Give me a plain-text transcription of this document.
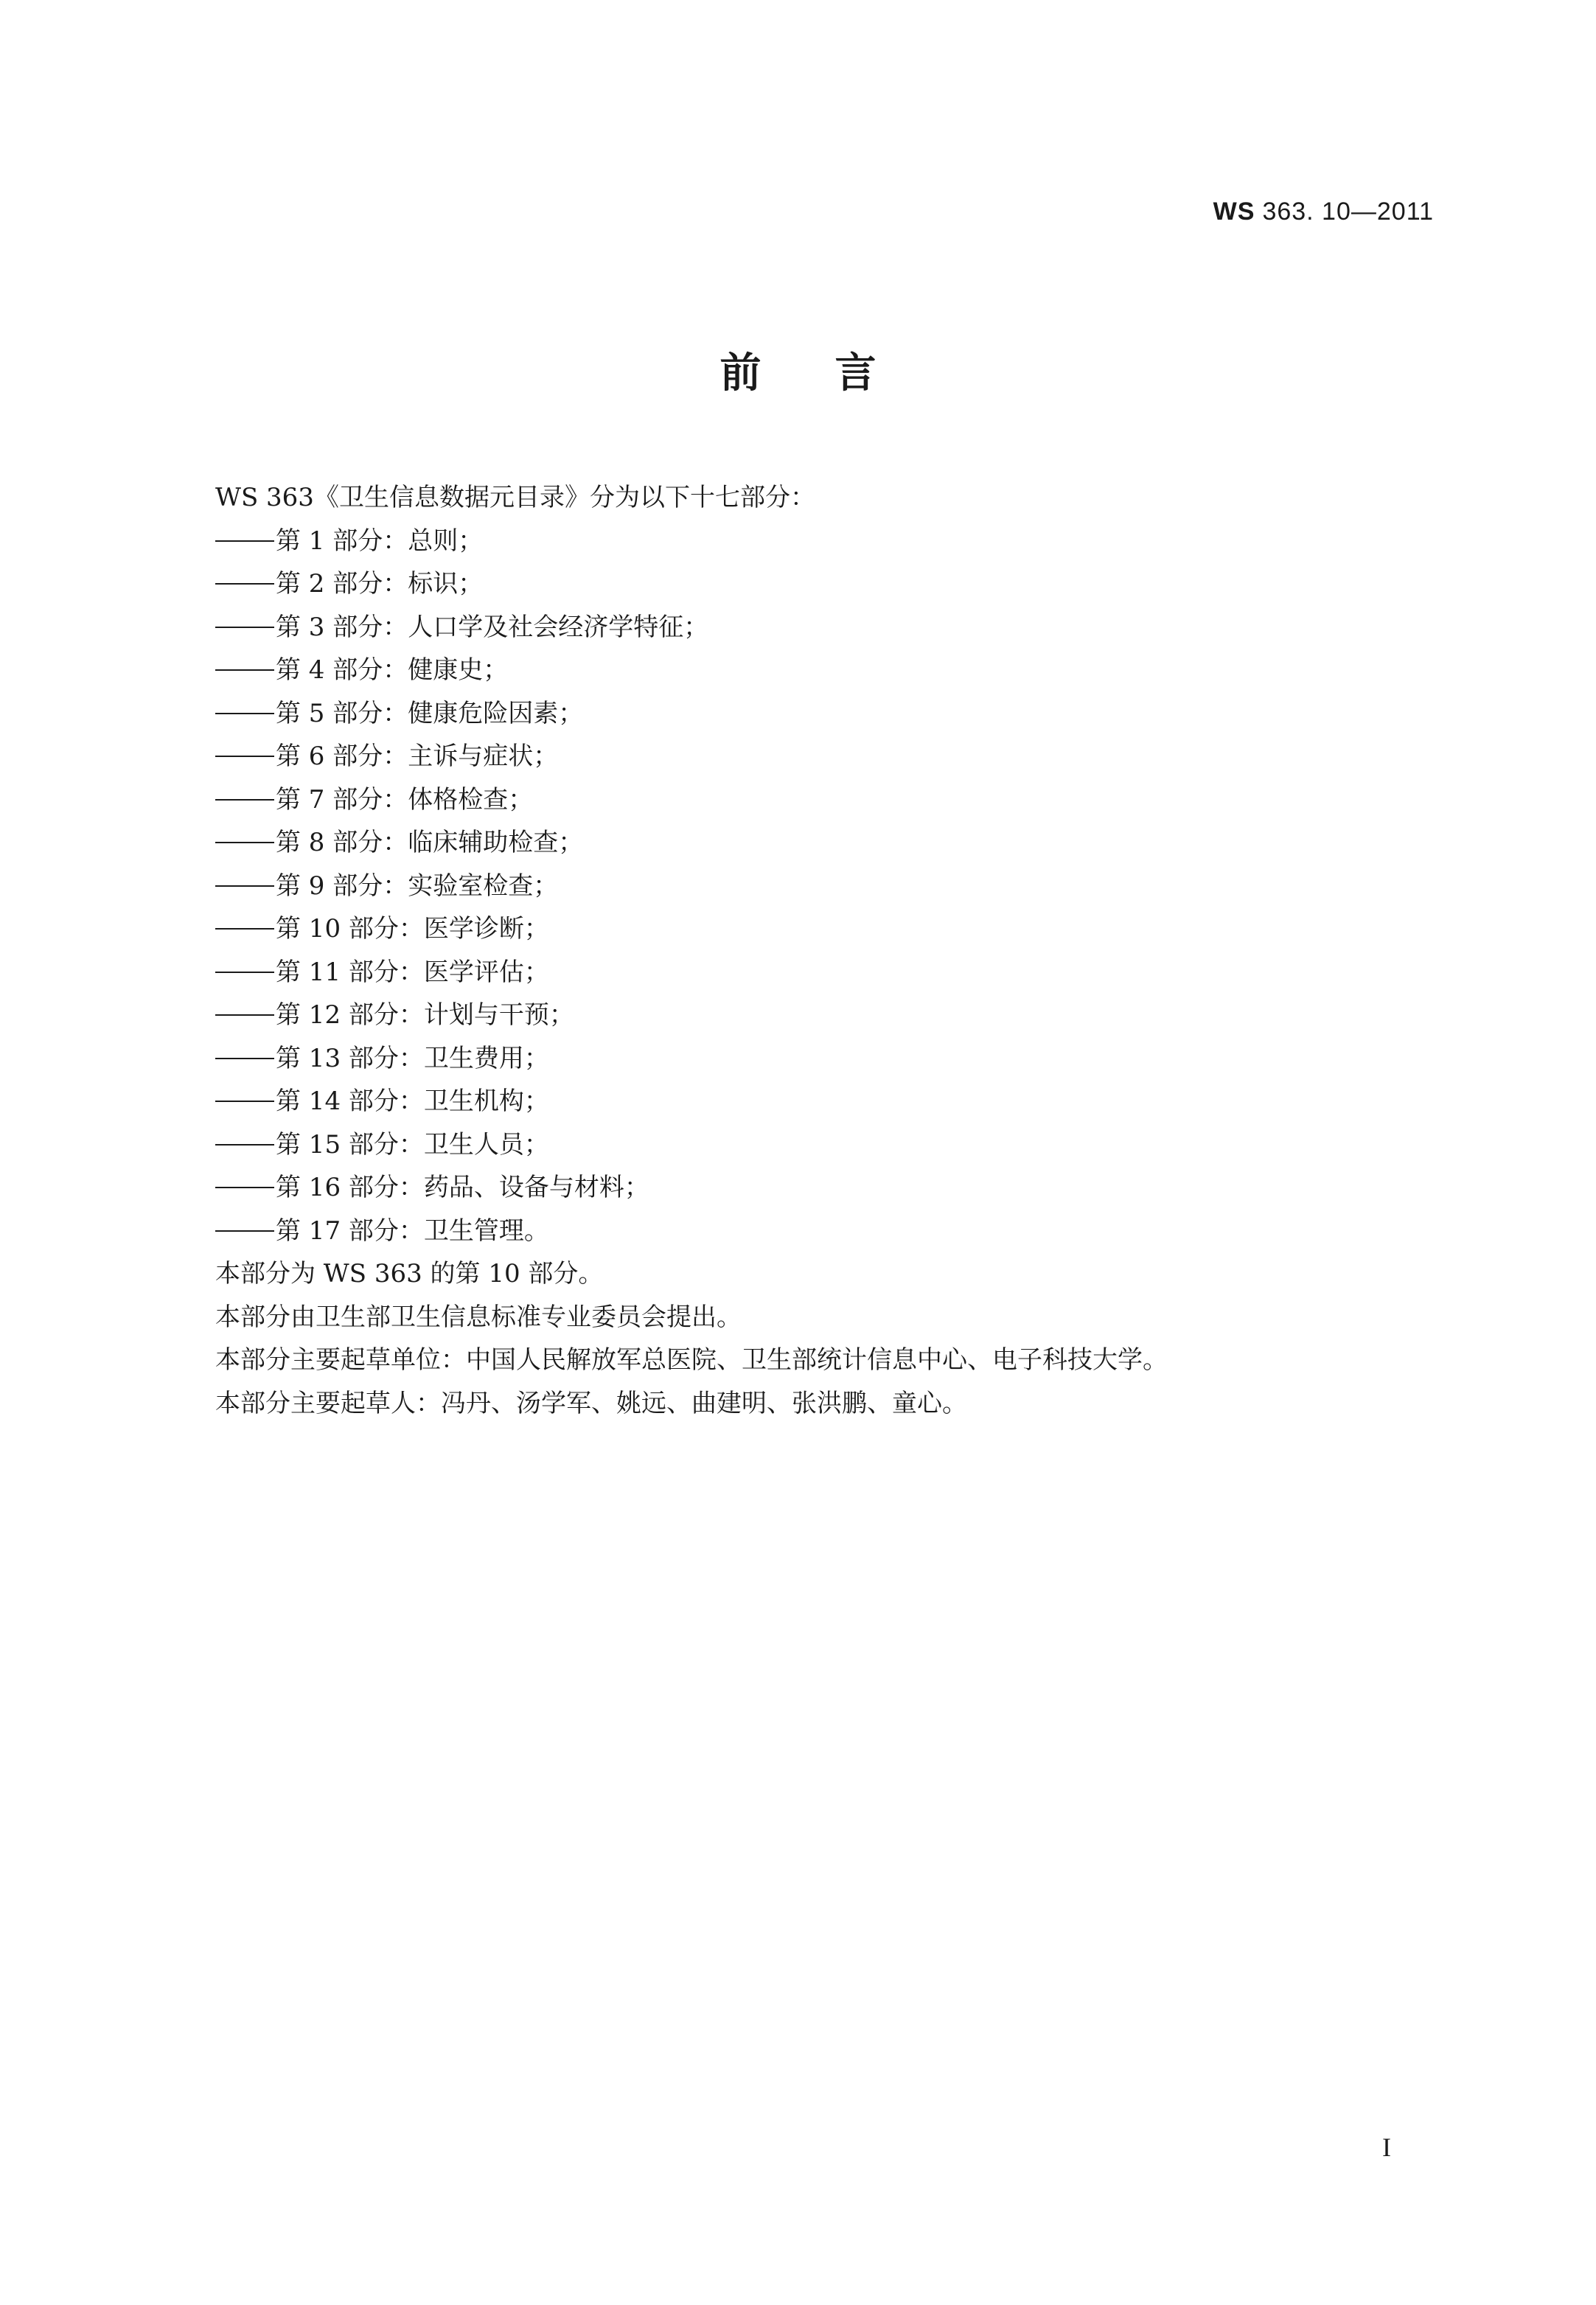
WS 363. 10—2011
前言
WS 363《卫生信息数据元目录》分为以下十七部分：
第 1 部分：总则；
第 2 部分：标识；
第 3 部分：人口学及社会经济学特征；
第 4 部分：健康史；
第 5 部分：健康危险因素；
第 6 部分：主诉与症状；
第 7 部分：体格检查；
第 8 部分：临床辅助检查；
第 9 部分：实验室检查；
第 10 部分：医学诊断；
第 11 部分：医学评估；
第 12 部分：计划与干预；
第 13 部分：卫生费用；
第 14 部分：卫生机构；
第 15 部分：卫生人员；
第 16 部分：药品、设备与材料；
第 17 部分：卫生管理。
本部分为 WS 363 的第 10 部分。
本部分由卫生部卫生信息标准专业委员会提出。
本部分主要起草单位：中国人民解放军总医院、卫生部统计信息中心、电子科技大学。
本部分主要起草人：冯丹、汤学军、姚远、曲建明、张洪鹏、童心。
I
